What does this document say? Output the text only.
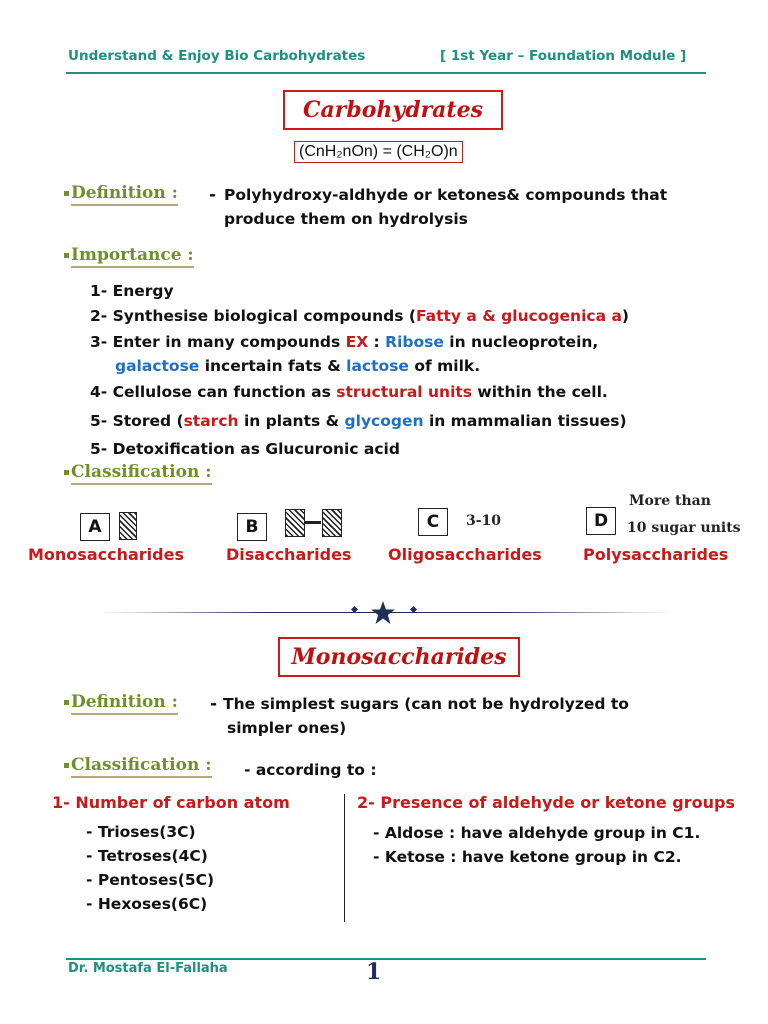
Understand & Enjoy Bio Carbohydrates	[ 1st Year – Foundation Module ]
Carbohydrates
(CnH₂nOn) = (CH₂O)n
Definition : - Polyhydroxy-aldhyde or ketones& compounds that
produce them on hydrolysis
Importance :
1- Energy
2- Synthesise biological compounds (Fatty a & glucogenica a)
3- Enter in many compounds EX : Ribose in nucleoprotein,
galactose incertain fats & lactose of milk.
4- Cellulose can function as structural units within the cell.
5- Stored (starch in plants & glycogen in mammalian tissues)
5- Detoxification as Glucuronic acid
Classification :
A
Monosaccharides
B
Disaccharides
C	3-10
Oligosaccharides
D
More than
10 sugar units
Polysaccharides
Monosaccharides
Definition : - The simplest sugars (can not be hydrolyzed to
simpler ones)
Classification : - according to :
1- Number of carbon atom
- Trioses(3C)
- Tetroses(4C)
- Pentoses(5C)
- Hexoses(6C)
2- Presence of aldehyde or ketone groups
- Aldose : have aldehyde group in C1.
- Ketose : have ketone group in C2.
Dr. Mostafa El-Fallaha	1
